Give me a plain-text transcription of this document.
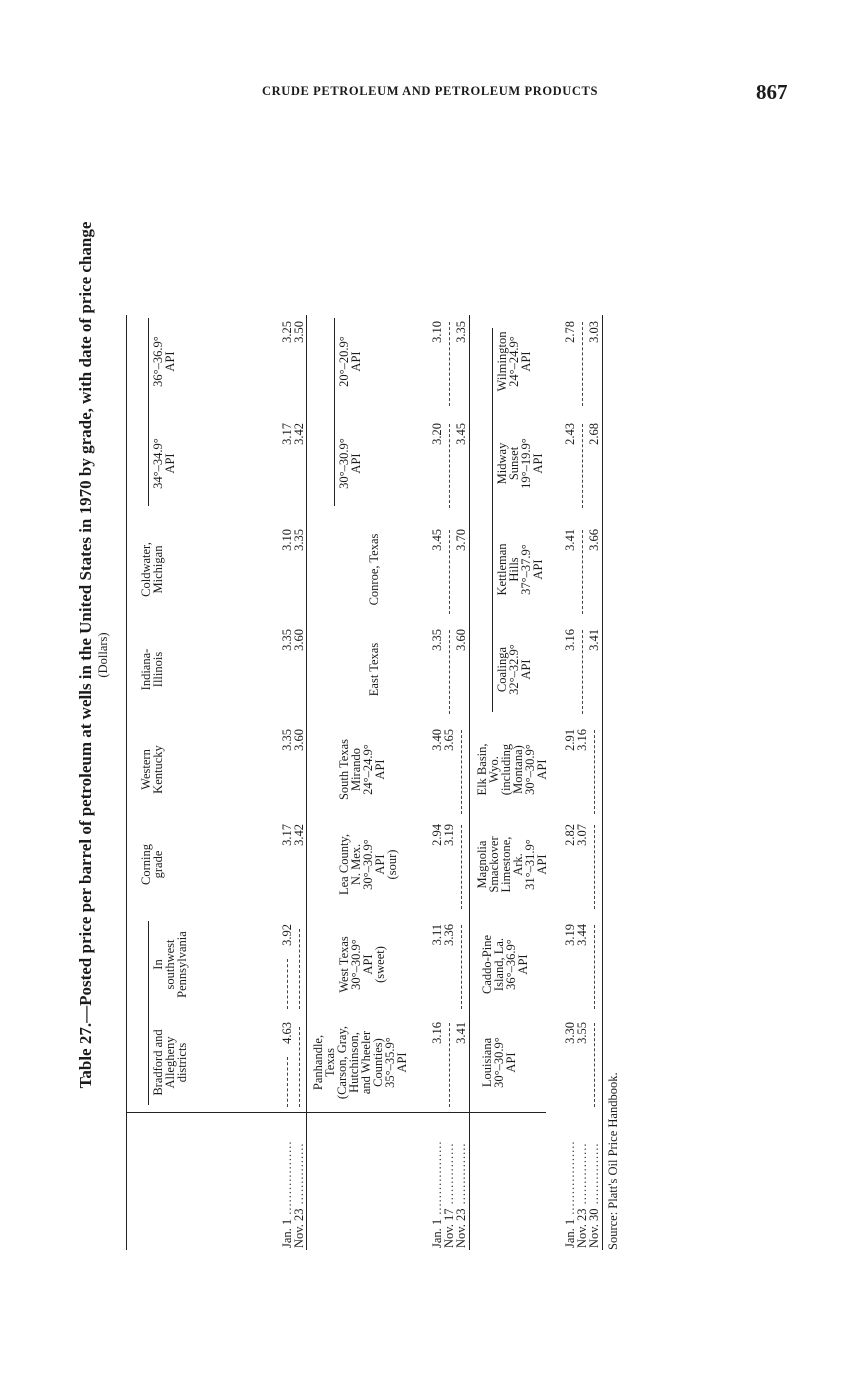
CRUDE PETROLEUM AND PETROLEUM PRODUCTS	867
Table 27.—Posted price per barrel of petroleum at wells in the United States in 1970 by grade, with date of price change (Dollars)
Bradford and
Allegheny
districts
In
southwest
Pennsylvania
Corning
grade
Western
Kentucky
Indiana-
Illinois
Coldwater,
Michigan
34°–34.9°
API
36°–36.9°
API
Jan. 1 ..................
4.63
3.92
3.17
3.35
3.35
3.10
3.17
3.25
Nov. 23 ...............
3.42
3.60
3.60
3.35
3.42
3.50
Panhandle,
Texas
(Carson, Gray,
Hutchinson,
and Wheeler
Counties)
35°–35.9°
API
West Texas
30°–30.9°
API
(sweet)
Lea County,
N. Mex.
30°–30.9°
API
(sour)
South Texas
Mirando
24°–24.9°
API
East Texas
Conroe, Texas
30°–30.9°
API
20°–20.9°
API
Jan. 1 ..................
3.16
3.11
2.94
3.40
3.35
3.45
3.20
3.10
Nov. 17 ...............
3.36
3.19
3.65
Nov. 23 ...............
3.41
3.60
3.70
3.45
3.35
Louisiana
30°–30.9°
API
Caddo-Pine
Island, La.
36°–36.9°
API
Magnolia
Smackover
Limestone,
Ark.
31°–31.9°
API
Elk Basin,
Wyo.
(including
Montana)
30°–30.9°
API
Coalinga
32°–32.9°
API
Kettleman
Hills
37°–37.9°
API
Midway
Sunset
19°–19.9°
API
Wilmington
24°–24.9°
API
Jan. 1 ..................
3.30
3.19
2.82
2.91
3.16
3.41
2.43
2.78
Nov. 23 ...............
3.55
3.44
3.07
3.16
Nov. 30 ...............
3.41
3.66
2.68
3.03
Source: Platt's Oil Price Handbook.
